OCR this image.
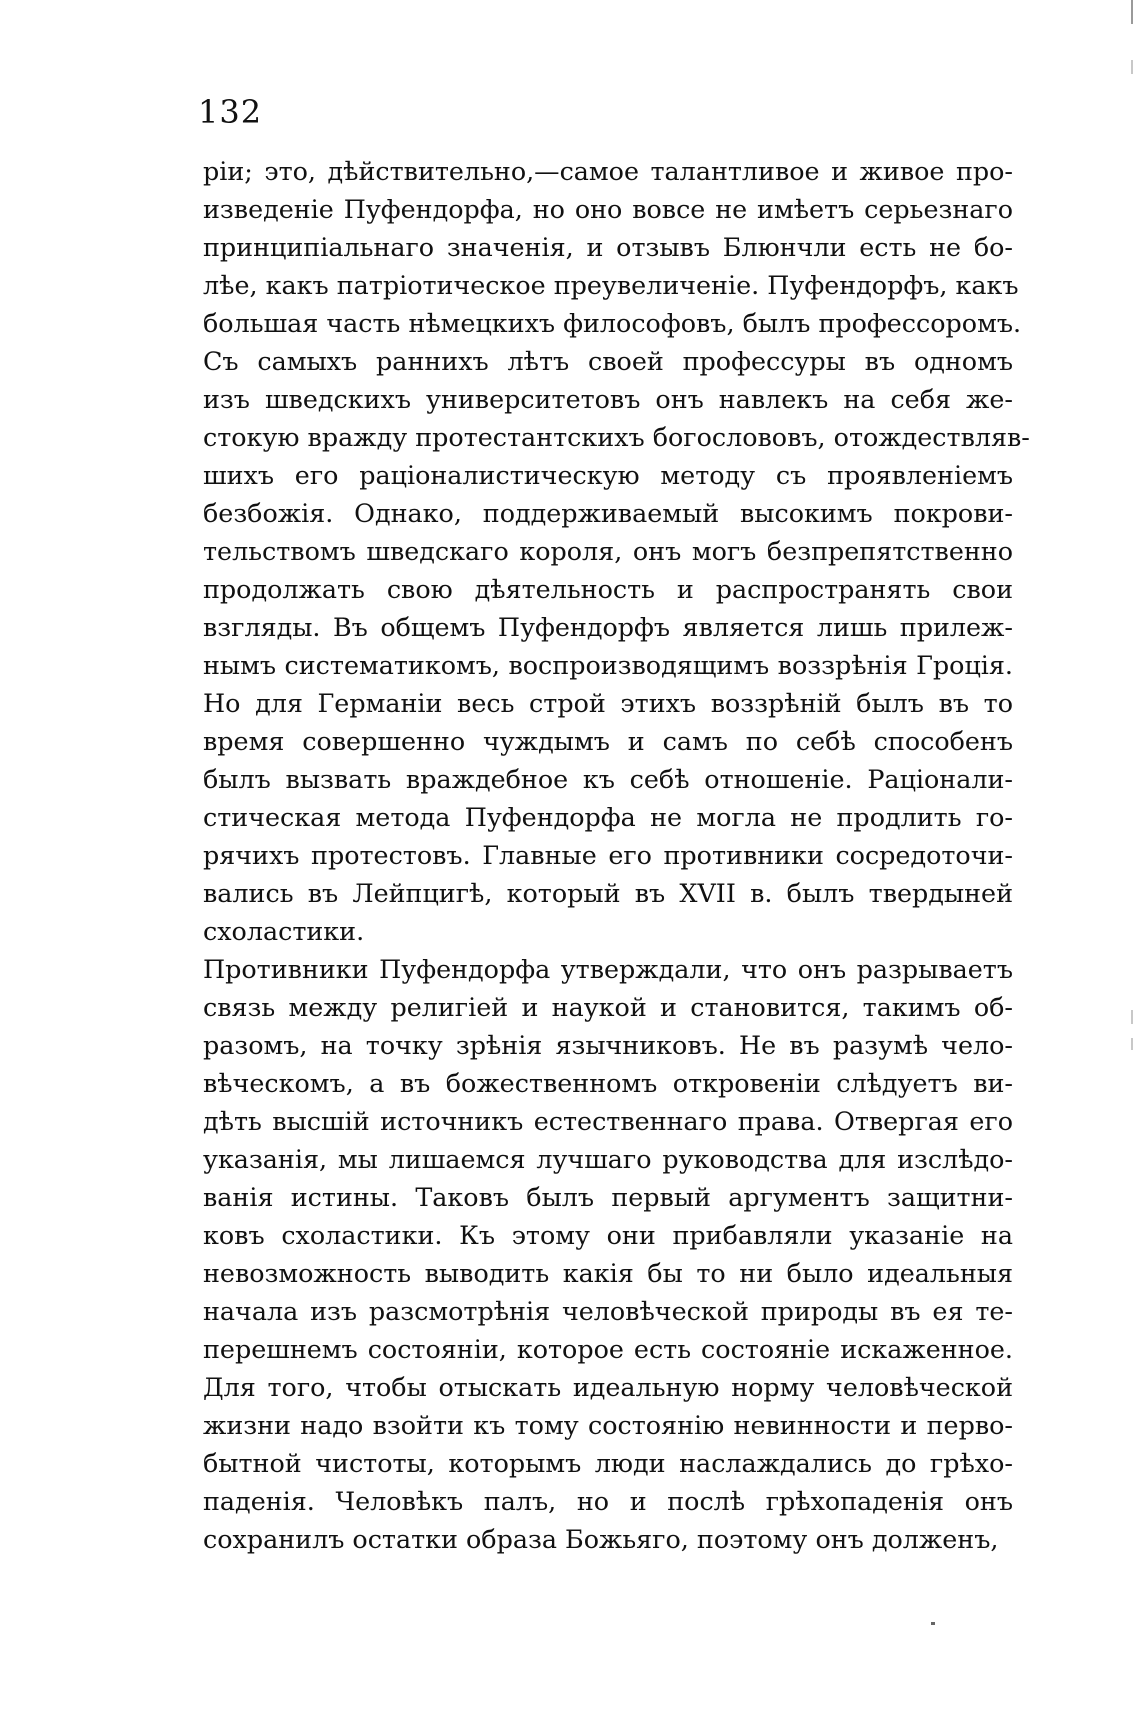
132
piи; это, дѣйствительно,—самое талантливое и живое про-
изведенiе Пуфендорфа, но оно вовсе не имѣетъ серьезнаго
принципiальнаго значенiя, и отзывъ Блюнчли есть не бо-
лѣе, какъ патрiотическое преувеличенiе. Пуфендорфъ, какъ
большая часть нѣмецкихъ философовъ, былъ профессоромъ.
Съ самыхъ раннихъ лѣтъ своей профессуры въ одномъ
изъ шведскихъ университетовъ онъ навлекъ на себя же-
стокую вражду протестантскихъ богослововъ, отождествляв-
шихъ его рацiоналистическую методу съ проявленiемъ
безбожiя. Однако, поддерживаемый высокимъ покрови-
тельствомъ шведскаго короля, онъ могъ безпрепятственно
продолжать свою дѣятельность и распространять свои
взгляды. Въ общемъ Пуфендорфъ является лишь прилеж-
нымъ систематикомъ, воспроизводящимъ воззрѣнiя Гроцiя.
Но для Германiи весь строй этихъ воззрѣнiй былъ въ то
время совершенно чуждымъ и самъ по себѣ способенъ
былъ вызвать враждебное къ себѣ отношенiе. Рацiонали-
стическая метода Пуфендорфа не могла не продлить го-
рячихъ протестовъ. Главные его противники сосредоточи-
вались въ Лейпцигѣ, который въ XVII в. былъ твердыней
схоластики.
Противники Пуфендорфа утверждали, что онъ разрываетъ
связь между религiей и наукой и становится, такимъ об-
разомъ, на точку зрѣнiя язычниковъ. Не въ разумѣ чело-
вѣческомъ, а въ божественномъ откровенiи слѣдуетъ ви-
дѣть высшiй источникъ естественнаго права. Отвергая его
указанiя, мы лишаемся лучшаго руководства для изслѣдо-
ванiя истины. Таковъ былъ первый аргументъ защитни-
ковъ схоластики. Къ этому они прибавляли указанiе на
невозможность выводить какiя бы то ни было идеальныя
начала изъ разсмотрѣнiя человѣческой природы въ ея те-
перешнемъ состоянiи, которое есть состоянiе искаженное.
Для того, чтобы отыскать идеальную норму человѣческой
жизни надо взойти къ тому состоянiю невинности и перво-
бытной чистоты, которымъ люди наслаждались до грѣхо-
паденiя. Человѣкъ палъ, но и послѣ грѣхопаденiя онъ
сохранилъ остатки образа Божьяго, поэтому онъ долженъ,
